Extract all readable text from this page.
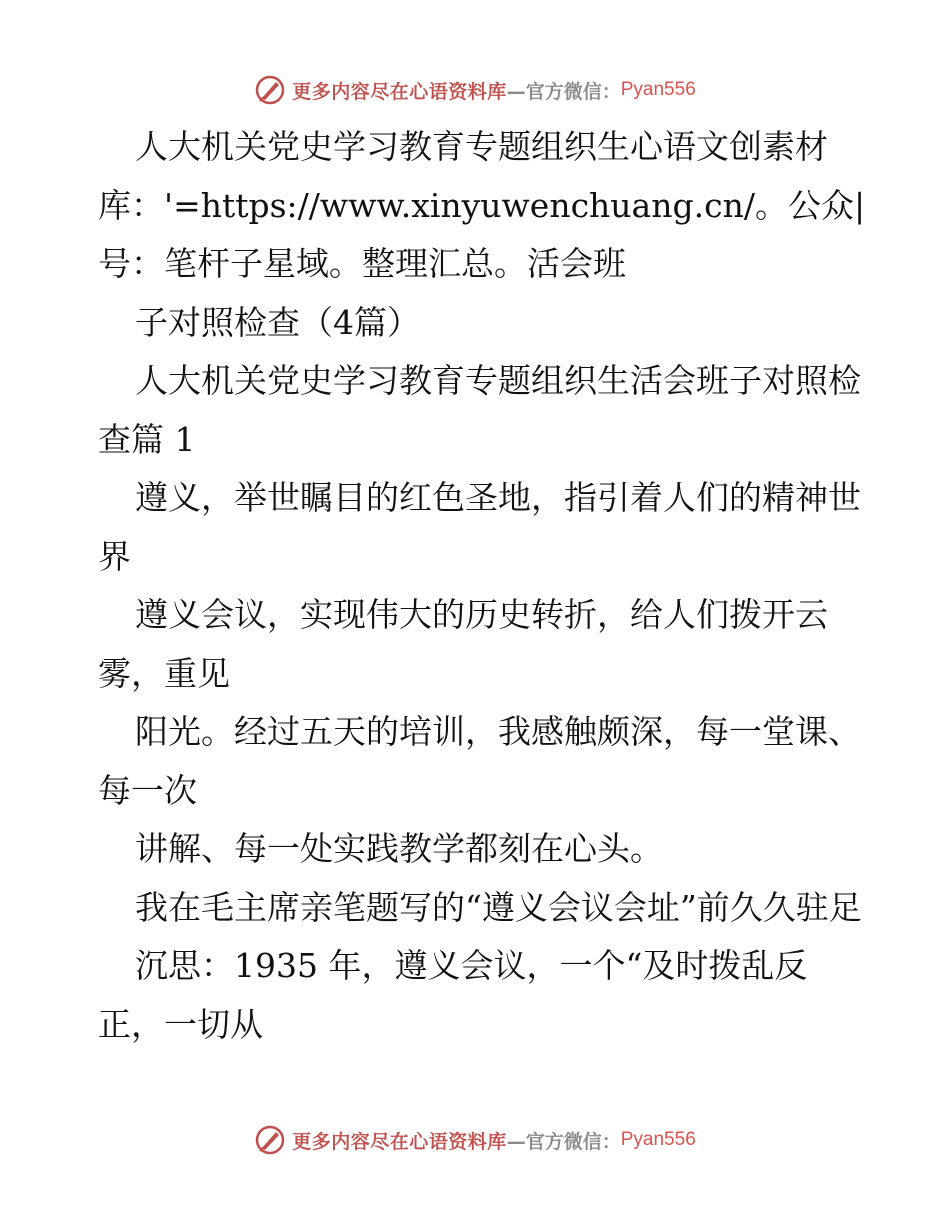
更多内容尽在心语资料库 —官方微信： Pyan556

人大机关党史学习教育专题组织生心语文创素材库：'=https://www.xinyuwenchuang.cn/。公众|号：笔杆子星域。整理汇总。活会班

子对照检查（4篇）

人大机关党史学习教育专题组织生活会班子对照检查篇 1

遵义，举世瞩目的红色圣地，指引着人们的精神世界

遵义会议，实现伟大的历史转折，给人们拨开云雾，重见

阳光。经过五天的培训，我感触颇深，每一堂课、每一次

讲解、每一处实践教学都刻在心头。

我在毛主席亲笔题写的“遵义会议会址”前久久驻足

沉思：1935 年，遵义会议，一个“及时拨乱反正，一切从

更多内容尽在心语资料库 —官方微信： Pyan556
